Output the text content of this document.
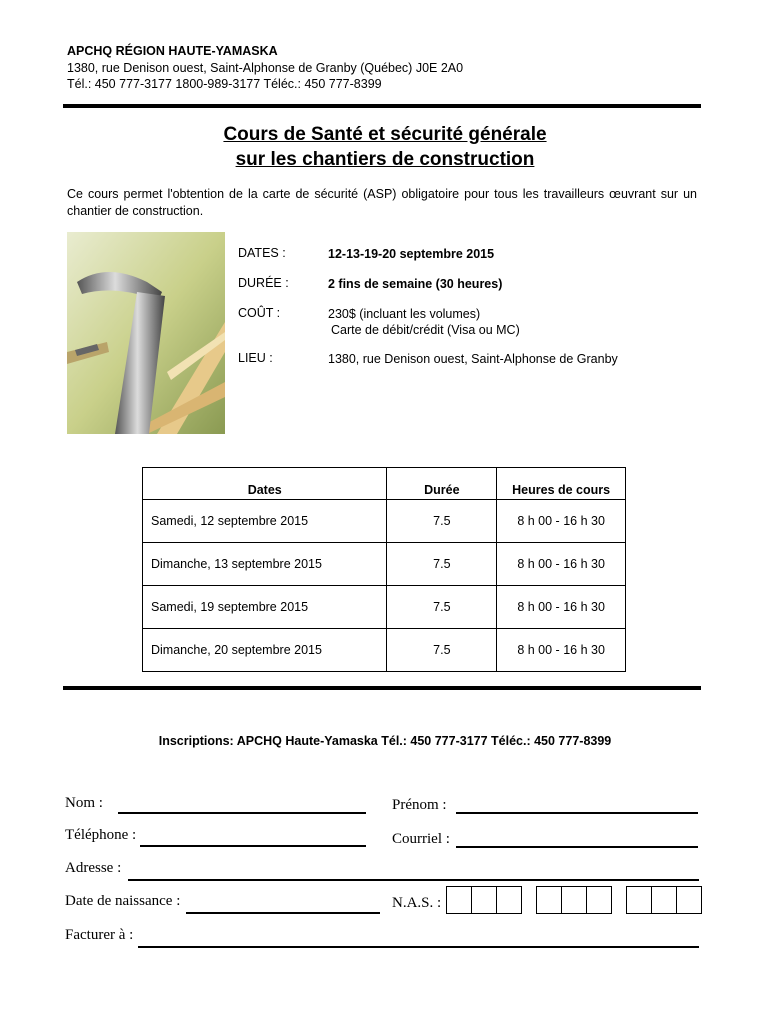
APCHQ RÉGION HAUTE-YAMASKA
1380, rue Denison ouest, Saint-Alphonse de Granby (Québec) J0E 2A0
Tél.: 450 777-3177 1800-989-3177 Téléc.: 450 777-8399
Cours de Santé et sécurité générale
sur les chantiers de construction
Ce cours permet l'obtention de la carte de sécurité (ASP) obligatoire pour tous les travailleurs œuvrant sur un chantier de construction.
DATES :	12-13-19-20 septembre 2015
DURÉE :	2 fins de semaine (30 heures)
COÛT :	230$ (incluant les volumes)
Carte de débit/crédit (Visa ou MC)
LIEU :	1380, rue Denison ouest, Saint-Alphonse de Granby
Dates	Durée	Heures de cours
Samedi, 12 septembre 2015	7.5	8 h 00 - 16 h 30
Dimanche, 13 septembre 2015	7.5	8 h 00 - 16 h 30
Samedi, 19 septembre 2015	7.5	8 h 00 - 16 h 30
Dimanche, 20 septembre 2015	7.5	8 h 00 - 16 h 30
Inscriptions: APCHQ Haute-Yamaska Tél.: 450 777-3177 Téléc.: 450 777-8399
Nom :	Prénom :
Téléphone :	Courriel :
Adresse :
Date de naissance :	N.A.S. :
Facturer à :
